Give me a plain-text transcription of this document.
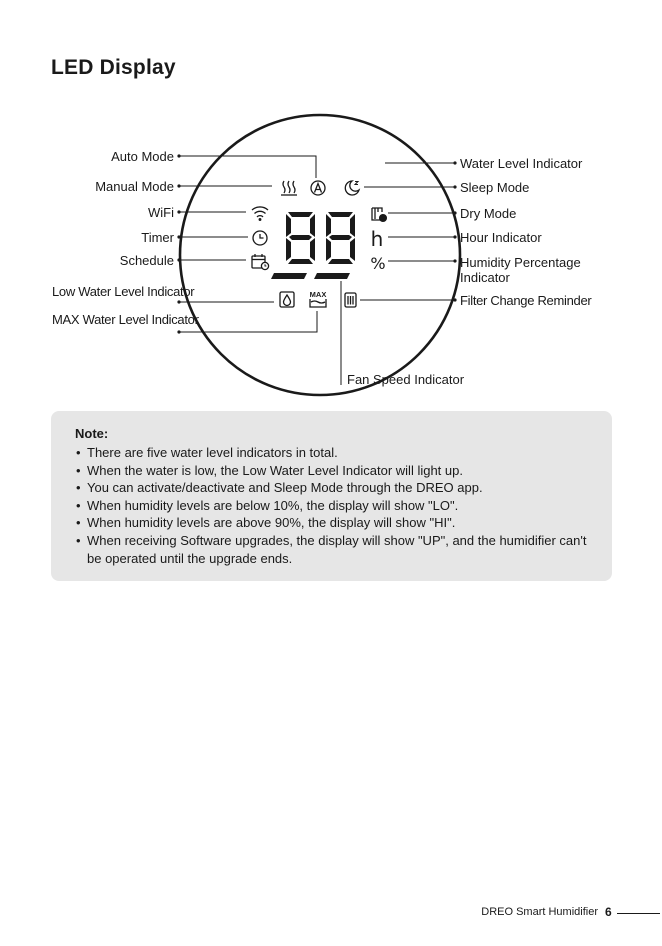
LED Display
MAX
h
%
Auto Mode
Manual Mode
WiFi
Timer
Schedule
Low Water Level Indicator
MAX Water Level Indicator
Water Level Indicator
Sleep Mode
Dry Mode
Hour Indicator
Humidity Percentage
Indicator
Filter Change Reminder
Fan Speed Indicator
Note:
• There are five water level indicators in total.
• When the water is low, the Low Water Level Indicator will light up.
• You can activate/deactivate and Sleep Mode through the DREO app.
• When humidity levels are below 10%, the display will show "LO".
• When humidity levels are above 90%, the display will show "HI".
• When receiving Software upgrades, the display will show "UP", and the humidifier can't be operated until the upgrade ends.
DREO Smart Humidifier 6
